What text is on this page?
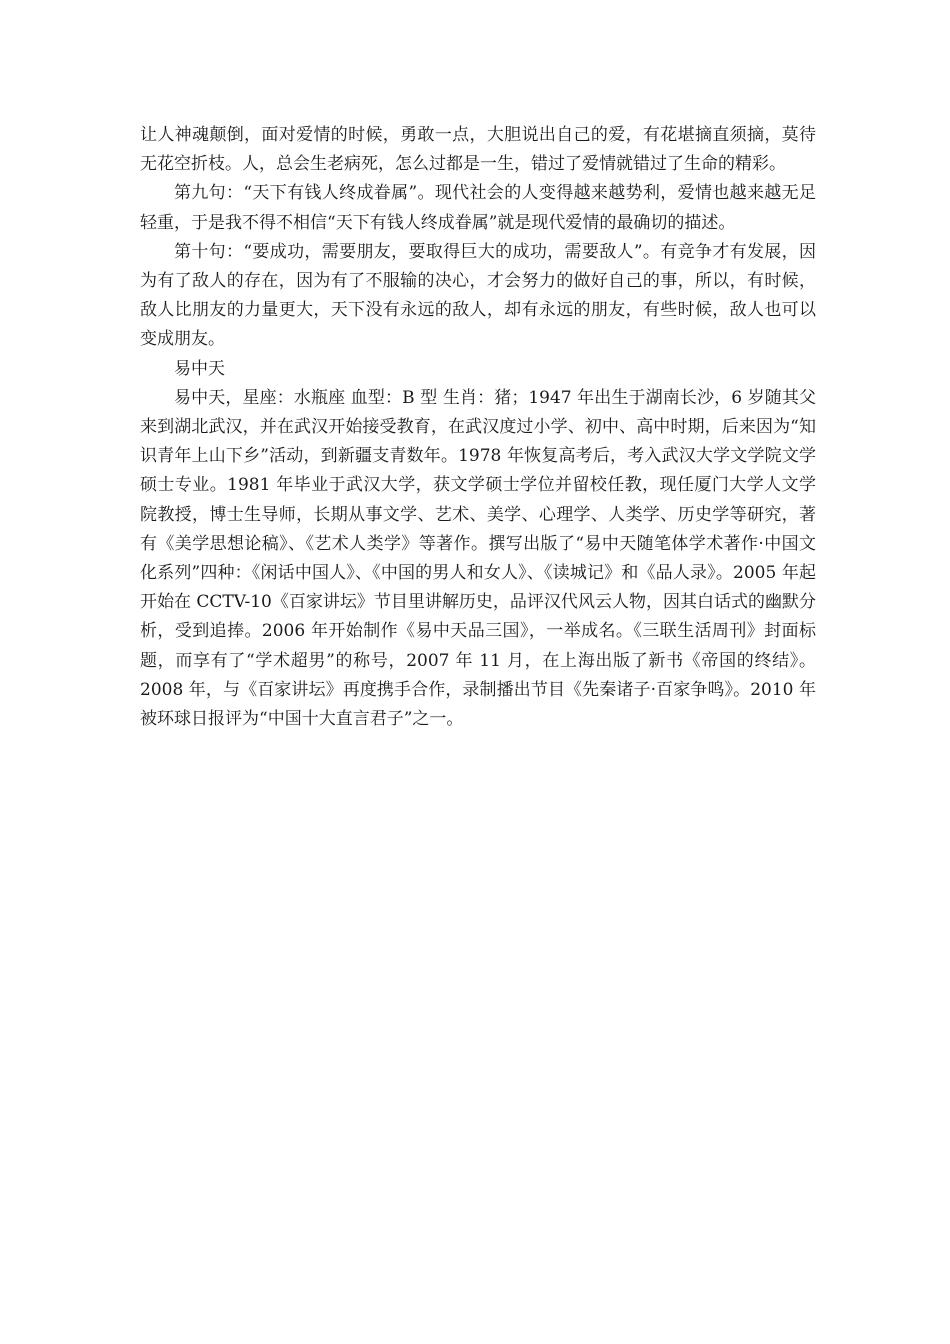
让人神魂颠倒，面对爱情的时候，勇敢一点，大胆说出自己的爱，有花堪摘直须摘，莫待无花空折枝。人，总会生老病死，怎么过都是一生，错过了爱情就错过了生命的精彩。

第九句：“天下有钱人终成眷属”。现代社会的人变得越来越势利，爱情也越来越无足轻重，于是我不得不相信“天下有钱人终成眷属”就是现代爱情的最确切的描述。

第十句：“要成功，需要朋友，要取得巨大的成功，需要敌人”。有竞争才有发展，因为有了敌人的存在，因为有了不服输的决心，才会努力的做好自己的事，所以，有时候，敌人比朋友的力量更大，天下没有永远的敌人，却有永远的朋友，有些时候，敌人也可以变成朋友。

易中天

易中天，星座：水瓶座 血型：B 型 生肖：猪；1947 年出生于湖南长沙，6 岁随其父来到湖北武汉，并在武汉开始接受教育，在武汉度过小学、初中、高中时期，后来因为“知识青年上山下乡”活动，到新疆支青数年。1978 年恢复高考后，考入武汉大学文学院文学硕士专业。1981 年毕业于武汉大学，获文学硕士学位并留校任教，现任厦门大学人文学院教授，博士生导师，长期从事文学、艺术、美学、心理学、人类学、历史学等研究，著有《美学思想论稿》、《艺术人类学》等著作。撰写出版了“易中天随笔体学术著作·中国文化系列”四种：《闲话中国人》、《中国的男人和女人》、《读城记》和《品人录》。2005 年起开始在 CCTV-10《百家讲坛》节目里讲解历史，品评汉代风云人物，因其白话式的幽默分析，受到追捧。2006 年开始制作《易中天品三国》，一举成名。《三联生活周刊》封面标题，而享有了“学术超男”的称号，2007 年 11 月，在上海出版了新书《帝国的终结》。2008 年，与《百家讲坛》再度携手合作，录制播出节目《先秦诸子·百家争鸣》。2010 年被环球日报评为“中国十大直言君子”之一。
